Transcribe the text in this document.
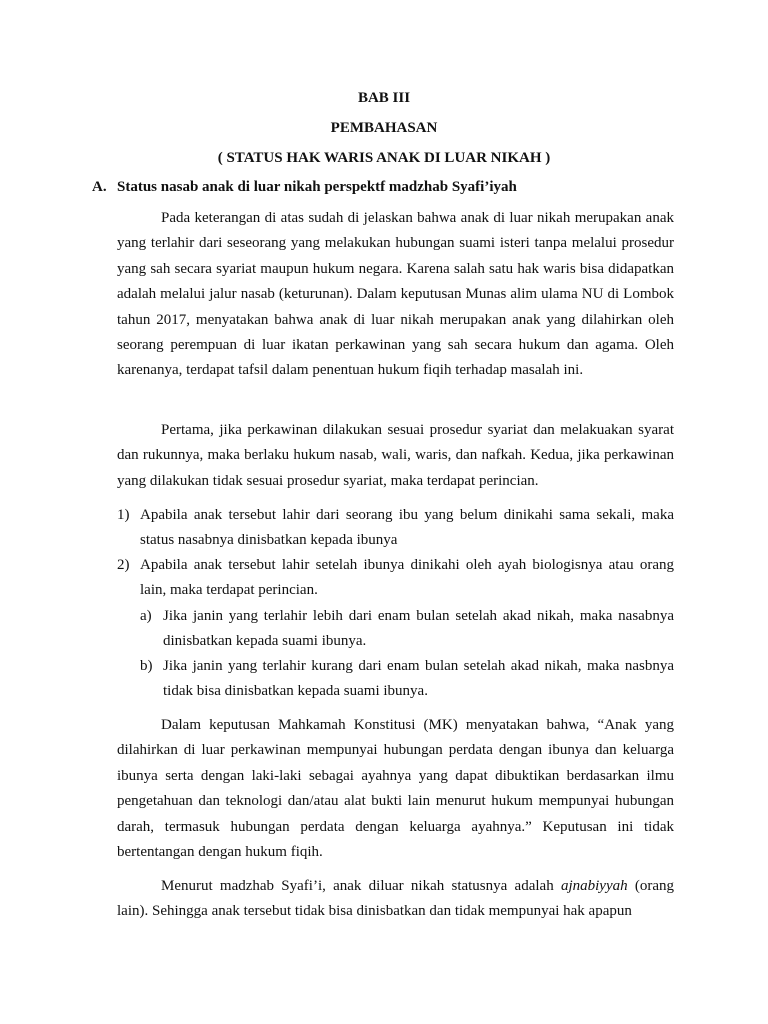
BAB III

PEMBAHASAN

( STATUS HAK WARIS ANAK DI LUAR NIKAH )

A. Status nasab anak di luar nikah perspektf madzhab Syafi’iyah

Pada keterangan di atas sudah di jelaskan bahwa anak di luar nikah merupakan anak yang terlahir dari seseorang yang melakukan hubungan suami isteri tanpa melalui prosedur yang sah secara syariat maupun hukum negara. Karena salah satu hak waris bisa didapatkan adalah melalui jalur nasab (keturunan). Dalam keputusan Munas alim ulama NU di Lombok tahun 2017, menyatakan bahwa anak di luar nikah merupakan anak yang dilahirkan oleh seorang perempuan di luar ikatan perkawinan yang sah secara hukum dan agama. Oleh karenanya, terdapat tafsil dalam penentuan hukum fiqih terhadap masalah ini.

Pertama, jika perkawinan dilakukan sesuai prosedur syariat dan melakuakan syarat dan rukunnya, maka berlaku hukum nasab, wali, waris, dan nafkah. Kedua, jika perkawinan yang dilakukan tidak sesuai prosedur syariat, maka terdapat perincian.

1) Apabila anak tersebut lahir dari seorang ibu yang belum dinikahi sama sekali, maka status nasabnya dinisbatkan kepada ibunya

2) Apabila anak tersebut lahir setelah ibunya dinikahi oleh ayah biologisnya atau orang lain, maka terdapat perincian.

a) Jika janin yang terlahir lebih dari enam bulan setelah akad nikah, maka nasabnya dinisbatkan kepada suami ibunya.

b) Jika janin yang terlahir kurang dari enam bulan setelah akad nikah, maka nasbnya tidak bisa dinisbatkan kepada suami ibunya.

Dalam keputusan Mahkamah Konstitusi (MK) menyatakan bahwa, “Anak yang dilahirkan di luar perkawinan mempunyai hubungan perdata dengan ibunya dan keluarga ibunya serta dengan laki-laki sebagai ayahnya yang dapat dibuktikan berdasarkan ilmu pengetahuan dan teknologi dan/atau alat bukti lain menurut hukum mempunyai hubungan darah, termasuk hubungan perdata dengan keluarga ayahnya.” Keputusan ini tidak bertentangan dengan hukum fiqih.

Menurut madzhab Syafi’i, anak diluar nikah statusnya adalah ajnabiyyah (orang lain). Sehingga anak tersebut tidak bisa dinisbatkan dan tidak mempunyai hak apapun
